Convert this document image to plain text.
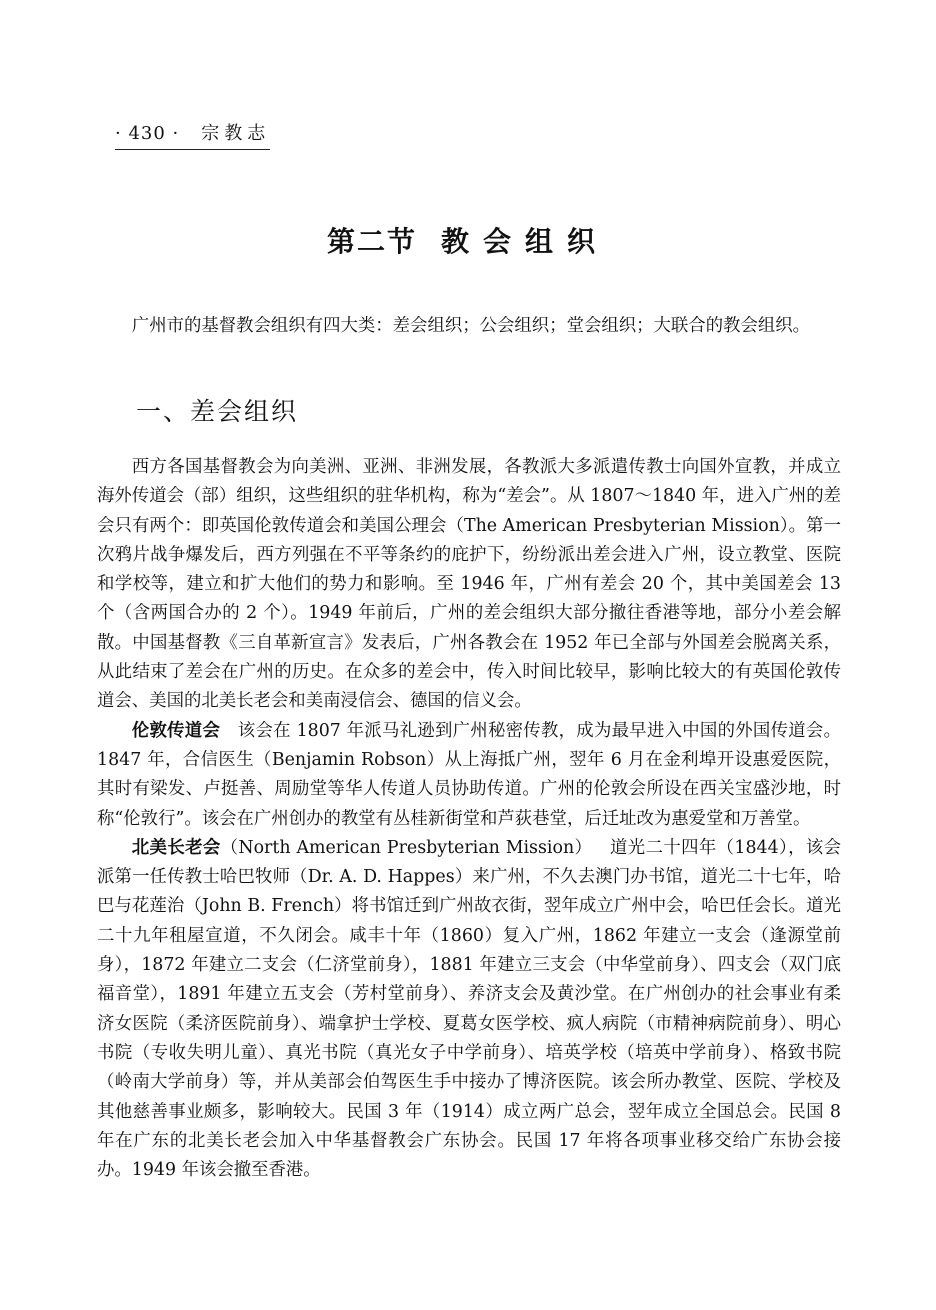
· 430 · 宗教志
第二节 教会组织

广州市的基督教会组织有四大类：差会组织；公会组织；堂会组织；大联合的教会组织。

一、差会组织

西方各国基督教会为向美洲、亚洲、非洲发展，各教派大多派遣传教士向国外宣教，并成立海外传道会（部）组织，这些组织的驻华机构，称为“差会”。从 1807～1840 年，进入广州的差会只有两个：即英国伦敦传道会和美国公理会（The American Presbyterian Mission）。第一次鸦片战争爆发后，西方列强在不平等条约的庇护下，纷纷派出差会进入广州，设立教堂、医院和学校等，建立和扩大他们的势力和影响。至 1946 年，广州有差会 20 个，其中美国差会 13 个（含两国合办的 2 个）。1949 年前后，广州的差会组织大部分撤往香港等地，部分小差会解散。中国基督教《三自革新宣言》发表后，广州各教会在 1952 年已全部与外国差会脱离关系，从此结束了差会在广州的历史。在众多的差会中，传入时间比较早，影响比较大的有英国伦敦传道会、美国的北美长老会和美南浸信会、德国的信义会。

伦敦传道会 该会在 1807 年派马礼逊到广州秘密传教，成为最早进入中国的外国传道会。1847 年，合信医生（Benjamin Robson）从上海抵广州，翌年 6 月在金利埠开设惠爱医院，其时有梁发、卢挺善、周励堂等华人传道人员协助传道。广州的伦敦会所设在西关宝盛沙地，时称“伦敦行”。该会在广州创办的教堂有丛桂新街堂和芦荻巷堂，后迁址改为惠爱堂和万善堂。

北美长老会（North American Presbyterian Mission） 道光二十四年（1844），该会派第一任传教士哈巴牧师（Dr. A. D. Happes）来广州，不久去澳门办书馆，道光二十七年，哈巴与花莲治（John B. French）将书馆迁到广州故衣街，翌年成立广州中会，哈巴任会长。道光二十九年租屋宣道，不久闭会。咸丰十年（1860）复入广州，1862 年建立一支会（逢源堂前身），1872 年建立二支会（仁济堂前身），1881 年建立三支会（中华堂前身）、四支会（双门底福音堂），1891 年建立五支会（芳村堂前身）、养济支会及黄沙堂。在广州创办的社会事业有柔济女医院（柔济医院前身）、端拿护士学校、夏葛女医学校、疯人病院（市精神病院前身）、明心书院（专收失明儿童）、真光书院（真光女子中学前身）、培英学校（培英中学前身）、格致书院（岭南大学前身）等，并从美部会伯驾医生手中接办了博济医院。该会所办教堂、医院、学校及其他慈善事业颇多，影响较大。民国 3 年（1914）成立两广总会，翌年成立全国总会。民国 8 年在广东的北美长老会加入中华基督教会广东协会。民国 17 年将各项事业移交给广东协会接办。1949 年该会撤至香港。
